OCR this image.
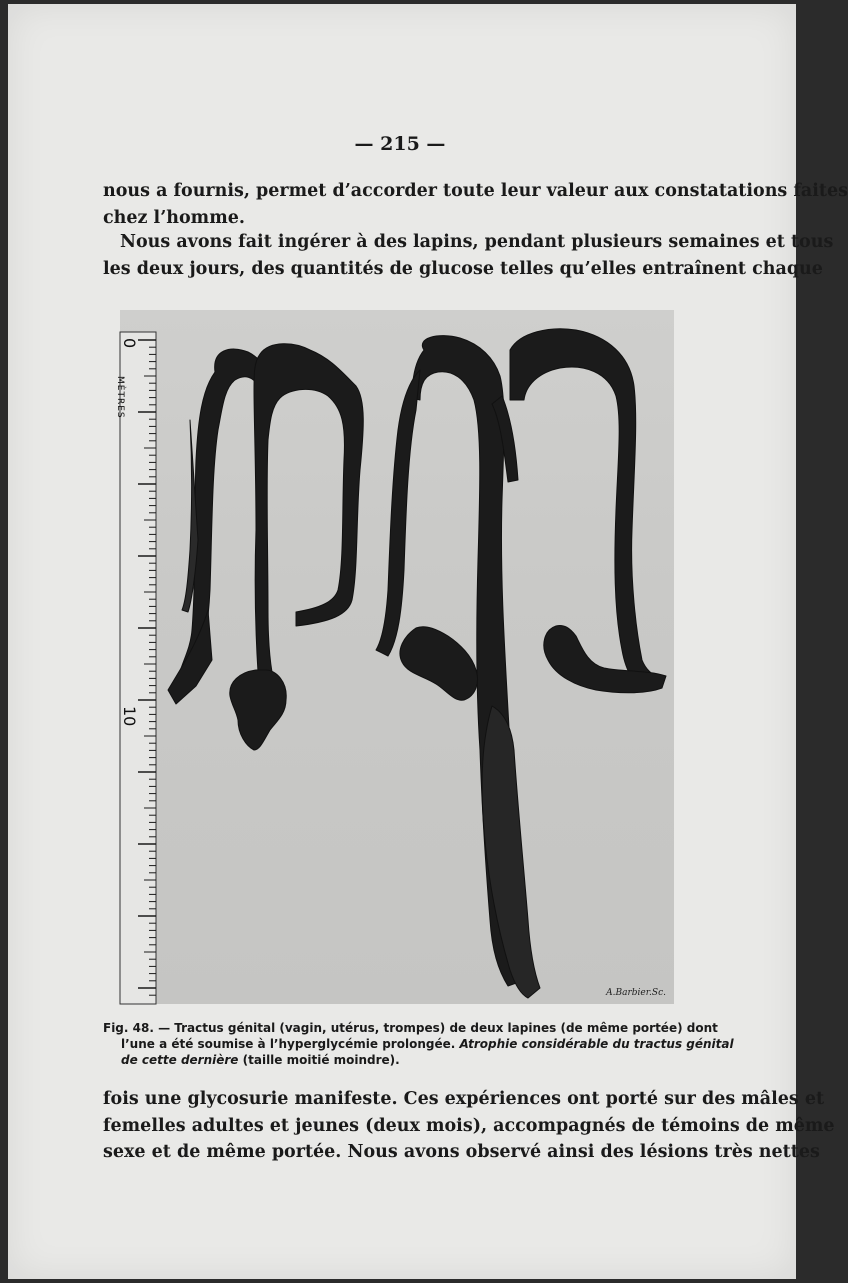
— 215 —

nous a fournis, permet d’accorder toute leur valeur aux constatations faites
chez l’homme.

Nous avons fait ingérer à des lapins, pendant plusieurs semaines et tous
les deux jours, des quantités de glucose telles qu’elles entraînent chaque

0
MÈTRES
10
A.Barbier.Sc.

Fig. 48. — Tractus génital (vagin, utérus, trompes) de deux lapines (de même portée) dont
l’une a été soumise à l’hyperglycémie prolongée. Atrophie considérable du tractus génital
de cette dernière (taille moitié moindre).

fois une glycosurie manifeste. Ces expériences ont porté sur des mâles et
femelles adultes et jeunes (deux mois), accompagnés de témoins de même
sexe et de même portée. Nous avons observé ainsi des lésions très nettes
